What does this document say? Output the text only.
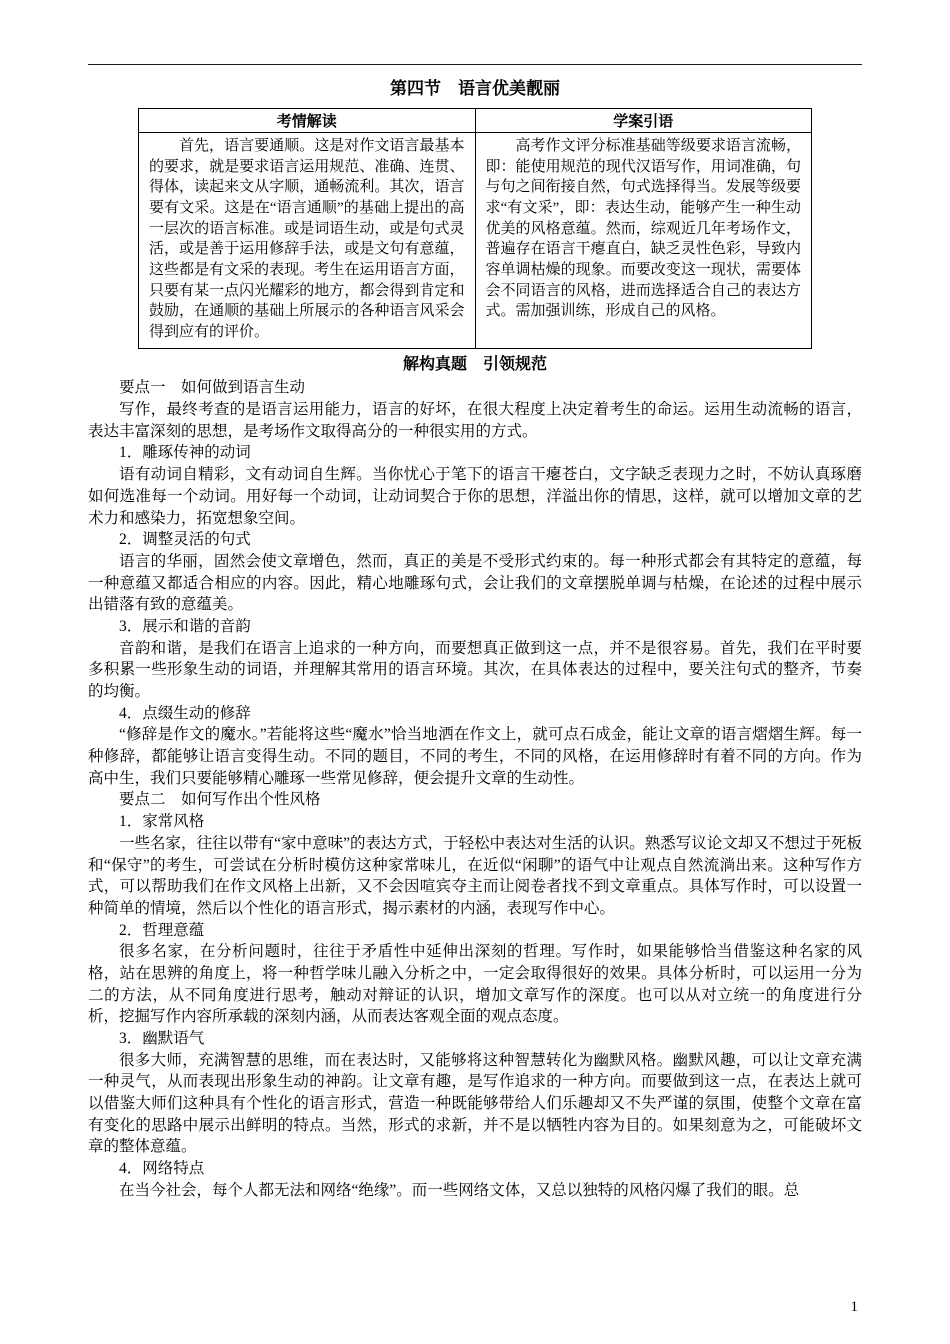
第四节　语言优美靓丽
考情解读	学案引语

首先，语言要通顺。这是对作文语言最基本的要求，就是要求语言运用规范、准确、连贯、得体，读起来文从字顺，通畅流利。其次，语言要有文采。这是在“语言通顺”的基础上提出的高一层次的语言标准。或是词语生动，或是句式灵活，或是善于运用修辞手法，或是文句有意蕴，这些都是有文采的表现。考生在运用语言方面，只要有某一点闪光耀彩的地方，都会得到肯定和鼓励，在通顺的基础上所展示的各种语言风采会得到应有的评价。	高考作文评分标准基础等级要求语言流畅，即：能使用规范的现代汉语写作，用词准确，句与句之间衔接自然，句式选择得当。发展等级要求“有文采”，即：表达生动，能够产生一种生动优美的风格意蕴。然而，综观近几年考场作文，普遍存在语言干瘪直白，缺乏灵性色彩，导致内容单调枯燥的现象。而要改变这一现状，需要体会不同语言的风格，进而选择适合自己的表达方式。需加强训练，形成自己的风格。

解构真题　引领规范

要点一　如何做到语言生动

写作，最终考查的是语言运用能力，语言的好坏，在很大程度上决定着考生的命运。运用生动流畅的语言，表达丰富深刻的思想，是考场作文取得高分的一种很实用的方式。

1．雕琢传神的动词

语有动词自精彩，文有动词自生辉。当你忧心于笔下的语言干瘪苍白，文字缺乏表现力之时，不妨认真琢磨如何选准每一个动词。用好每一个动词，让动词契合于你的思想，洋溢出你的情思，这样，就可以增加文章的艺术力和感染力，拓宽想象空间。

2．调整灵活的句式

语言的华丽，固然会使文章增色，然而，真正的美是不受形式约束的。每一种形式都会有其特定的意蕴，每一种意蕴又都适合相应的内容。因此，精心地雕琢句式，会让我们的文章摆脱单调与枯燥，在论述的过程中展示出错落有致的意蕴美。

3．展示和谐的音韵

音韵和谐，是我们在语言上追求的一种方向，而要想真正做到这一点，并不是很容易。首先，我们在平时要多积累一些形象生动的词语，并理解其常用的语言环境。其次，在具体表达的过程中，要关注句式的整齐，节奏的均衡。

4．点缀生动的修辞

“修辞是作文的魔水。”若能将这些“魔水”恰当地洒在作文上，就可点石成金，能让文章的语言熠熠生辉。每一种修辞，都能够让语言变得生动。不同的题目，不同的考生，不同的风格，在运用修辞时有着不同的方向。作为高中生，我们只要能够精心雕琢一些常见修辞，便会提升文章的生动性。

要点二　如何写作出个性风格

1．家常风格

一些名家，往往以带有“家中意味”的表达方式，于轻松中表达对生活的认识。熟悉写议论文却又不想过于死板和“保守”的考生，可尝试在分析时模仿这种家常味儿，在近似“闲聊”的语气中让观点自然流淌出来。这种写作方式，可以帮助我们在作文风格上出新，又不会因喧宾夺主而让阅卷者找不到文章重点。具体写作时，可以设置一种简单的情境，然后以个性化的语言形式，揭示素材的内涵，表现写作中心。

2．哲理意蕴

很多名家，在分析问题时，往往于矛盾性中延伸出深刻的哲理。写作时，如果能够恰当借鉴这种名家的风格，站在思辨的角度上，将一种哲学味儿融入分析之中，一定会取得很好的效果。具体分析时，可以运用一分为二的方法，从不同角度进行思考，触动对辩证的认识，增加文章写作的深度。也可以从对立统一的角度进行分析，挖掘写作内容所承载的深刻内涵，从而表达客观全面的观点态度。

3．幽默语气

很多大师，充满智慧的思维，而在表达时，又能够将这种智慧转化为幽默风格。幽默风趣，可以让文章充满一种灵气，从而表现出形象生动的神韵。让文章有趣，是写作追求的一种方向。而要做到这一点，在表达上就可以借鉴大师们这种具有个性化的语言形式，营造一种既能够带给人们乐趣却又不失严谨的氛围，使整个文章在富有变化的思路中展示出鲜明的特点。当然，形式的求新，并不是以牺牲内容为目的。如果刻意为之，可能破坏文章的整体意蕴。

4．网络特点

在当今社会，每个人都无法和网络“绝缘”。而一些网络文体，又总以独特的风格闪爆了我们的眼。总

1
